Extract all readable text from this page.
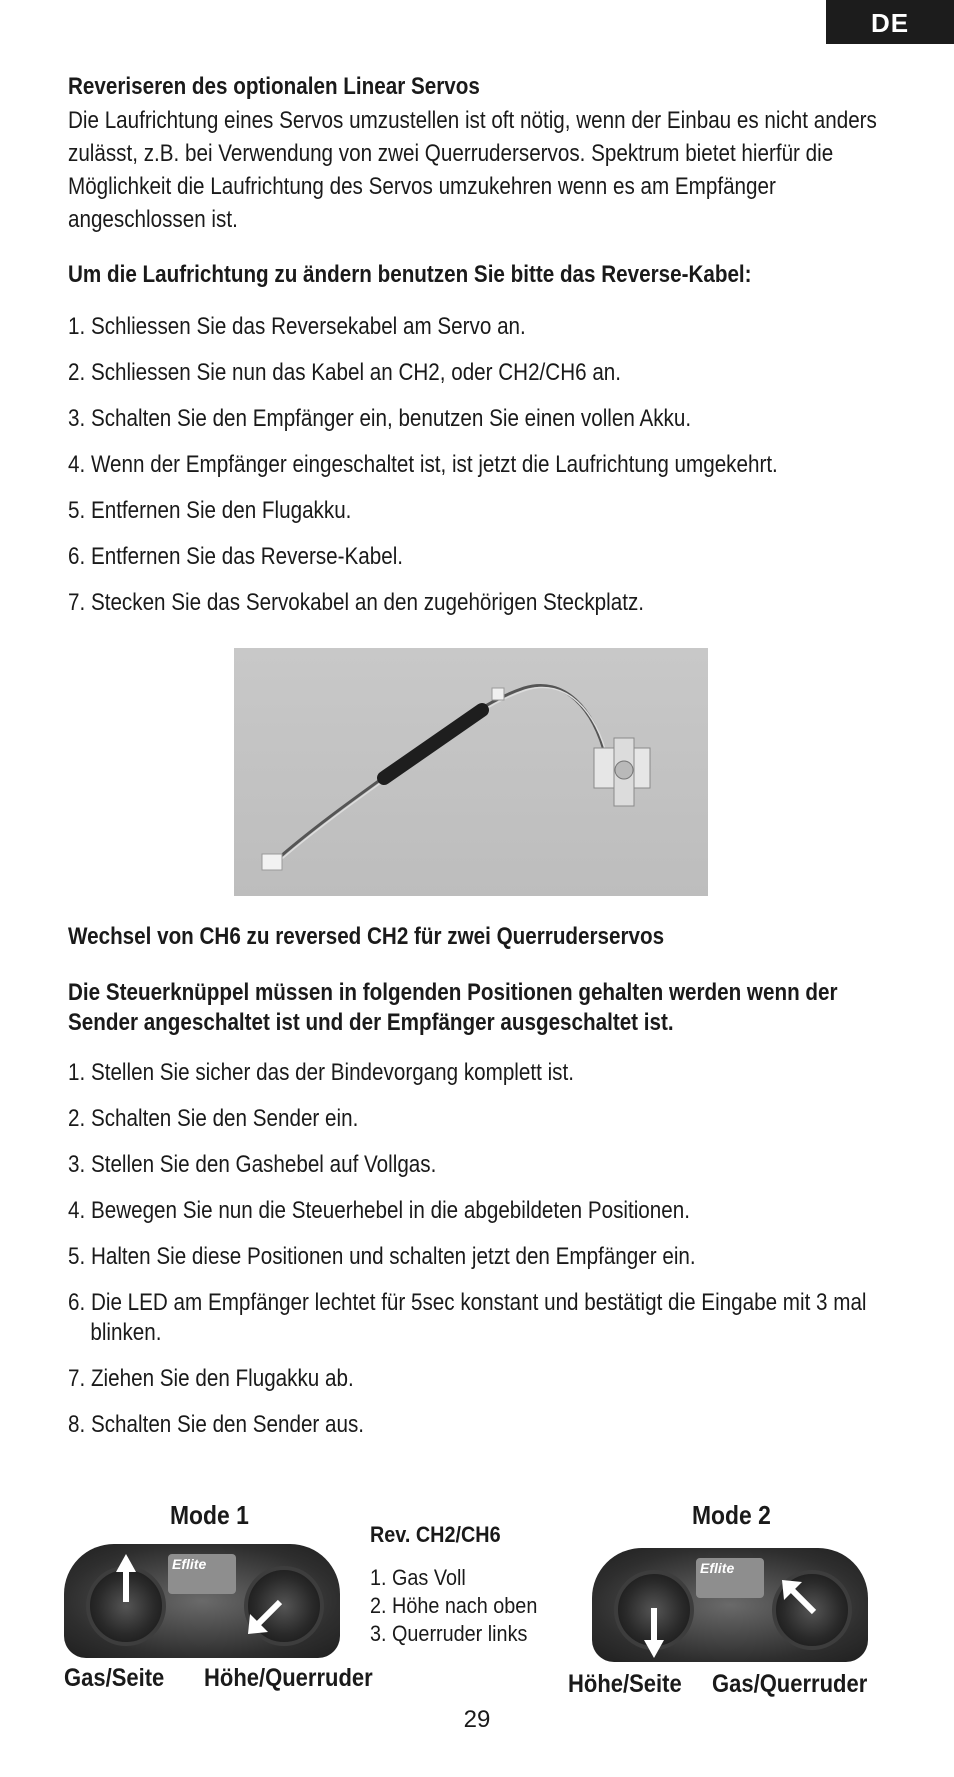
DE
Reveriseren des optionalen Linear Servos

Die Laufrichtung eines Servos umzustellen ist oft nötig, wenn der Einbau es nicht anders zulässt, z.B. bei Verwendung von zwei Querruderservos. Spektrum bietet hierfür die Möglichkeit die Laufrichtung des Servos umzukehren wenn es am Empfänger angeschlossen ist.

Um die Laufrichtung zu ändern benutzen Sie bitte das Reverse-Kabel:
1. Schliessen Sie das Reversekabel am Servo an.
2. Schliessen Sie nun das Kabel an CH2, oder CH2/CH6 an.
3. Schalten Sie den Empfänger ein, benutzen Sie einen vollen Akku.
4. Wenn der Empfänger eingeschaltet ist, ist jetzt die Laufrichtung umgekehrt.
5. Entfernen Sie den Flugakku.
6. Entfernen Sie das Reverse-Kabel.
7. Stecken Sie das Servokabel an den zugehörigen Steckplatz.
Wechsel von CH6 zu reversed CH2 für zwei Querruderservos
Die Steuerknüppel müssen in folgenden Positionen gehalten werden wenn der Sender angeschaltet ist und der Empfänger ausgeschaltet ist.
1. Stellen Sie sicher das der Bindevorgang komplett ist.
2. Schalten Sie den Sender ein.
3. Stellen Sie den Gashebel auf Vollgas.
4. Bewegen Sie nun die Steuerhebel in die abgebildeten Positionen.
5. Halten Sie diese Positionen und schalten jetzt den Empfänger ein.
6. Die LED am Empfänger lechtet für 5sec konstant und bestätigt die Eingabe mit 3 mal blinken.
7. Ziehen Sie den Flugakku ab.
8. Schalten Sie den Sender aus.
Mode 1	Mode 2
Eflite	Eflite
Rev. CH2/CH6
1. Gas Voll
2. Höhe nach oben
3. Querruder links
Gas/Seite Höhe/Querruder	Höhe/Seite Gas/Querruder
29
